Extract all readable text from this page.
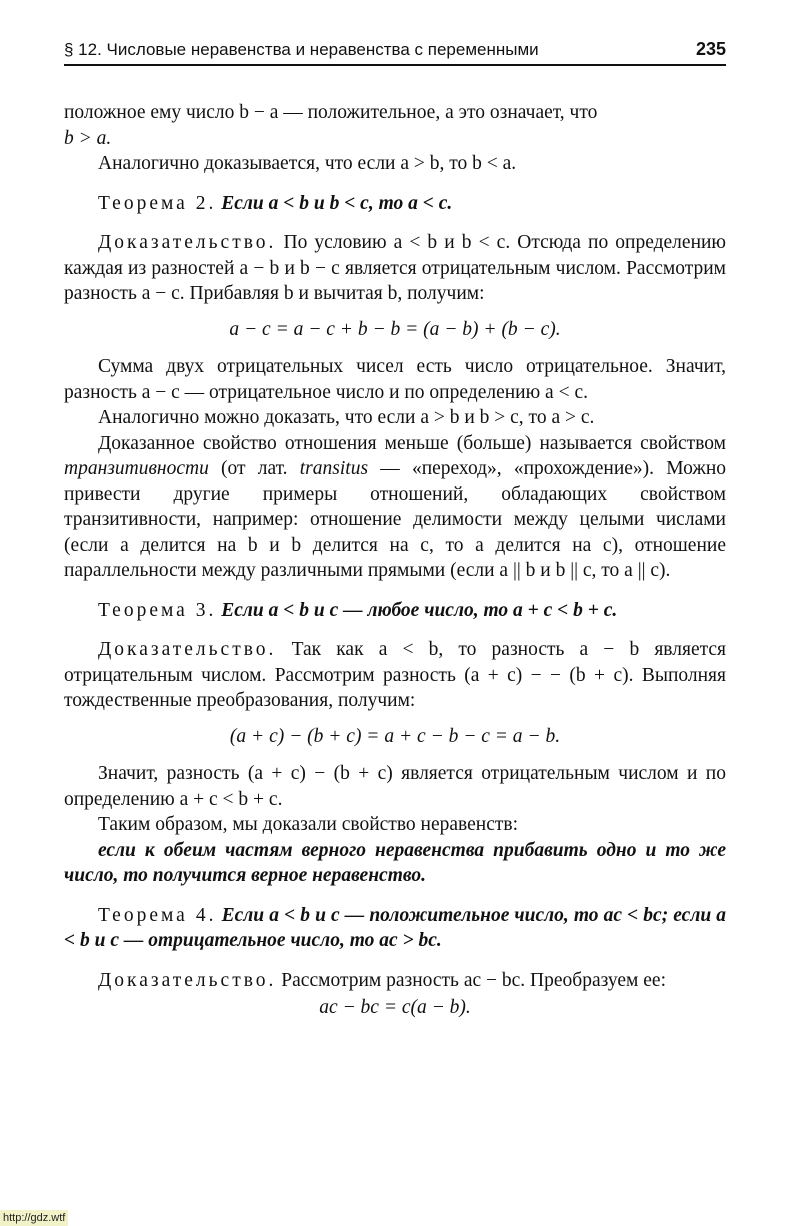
§ 12. Числовые неравенства и неравенства с переменными	235

положное ему число b − a — положительное, а это означает, что
b > a.

Аналогично доказывается, что если a > b, то b < a.

Теорема 2. Если a < b и b < c, то a < c.

Доказательство. По условию a < b и b < c. Отсюда по определению каждая из разностей a − b и b − c является отрицательным числом. Рассмотрим разность a − c. Прибавляя b и вычитая b, получим:

a − c = a − c + b − b = (a − b) + (b − c).

Сумма двух отрицательных чисел есть число отрицательное. Значит, разность a − c — отрицательное число и по определению a < c.

Аналогично можно доказать, что если a > b и b > c, то a > c.

Доказанное свойство отношения меньше (больше) называется свойством транзитивности (от лат. transitus — «переход», «прохождение»). Можно привести другие примеры отношений, обладающих свойством транзитивности, например: отношение делимости между целыми числами (если a делится на b и b делится на c, то a делится на c), отношение параллельности между различными прямыми (если a || b и b || c, то a || c).

Теорема 3. Если a < b и c — любое число, то a + c < b + c.

Доказательство. Так как a < b, то разность a − b является отрицательным числом. Рассмотрим разность (a + c) − − (b + c). Выполняя тождественные преобразования, получим:

(a + c) − (b + c) = a + c − b − c = a − b.

Значит, разность (a + c) − (b + c) является отрицательным числом и по определению a + c < b + c.

Таким образом, мы доказали свойство неравенств:

если к обеим частям верного неравенства прибавить одно и то же число, то получится верное неравенство.

Теорема 4. Если a < b и c — положительное число, то ac < bc; если a < b и c — отрицательное число, то ac > bc.

Доказательство. Рассмотрим разность ac − bc. Преобразуем ее:

ac − bc = c(a − b).

http://gdz.wtf
